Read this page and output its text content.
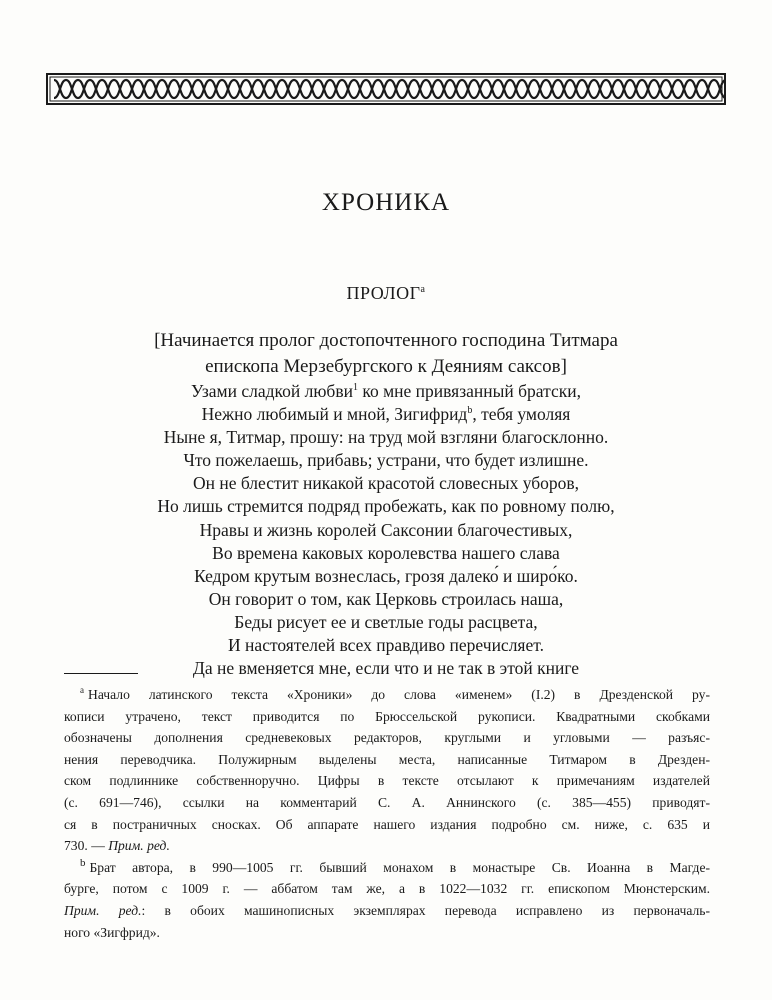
ХРОНИКА
ПРОЛОГ$^a$
[Начинается пролог достопочтенного господина Титмара
епископа Мерзебургского к Деяниям саксов]
Узами сладкой любви$^1$ ко мне привязанный братски,
Нежно любимый и мной, Зигифрид$^b$, тебя умоляя
Ныне я, Титмар, прошу: на труд мой взгляни благосклонно.
Что пожелаешь, прибавь; устрани, что будет излишне.
Он не блестит никакой красотой словесных уборов,
Но лишь стремится подряд пробежать, как по ровному полю,
Нравы и жизнь королей Саксонии благочестивых,
Во времена каковых королевства нашего слава
Кедром крутым вознеслась, грозя далеко́ и широ́ко.
Он говорит о том, как Церковь строилась наша,
Беды рисует ее и светлые годы расцвета,
И настоятелей всех правдиво перечисляет.
Да не вменяется мне, если что и не так в этой книге
$^a$ Начало латинского текста «Хроники» до слова «именем» (I.2) в Дрезденской ру-
кописи утрачено, текст приводится по Брюссельской рукописи. Квадратными скобками
обозначены дополнения средневековых редакторов, круглыми и угловыми — разъяс-
нения переводчика. Полужирным выделены места, написанные Титмаром в Дрезден-
ском подлиннике собственноручно. Цифры в тексте отсылают к примечаниям издателей
(с. 691—746), ссылки на комментарий С. А. Аннинского (с. 385—455) приводят-
ся в постраничных сносках. Об аппарате нашего издания подробно см. ниже, с. 635 и
730. — Прим. ред.
$^b$ Брат автора, в 990—1005 гг. бывший монахом в монастыре Св. Иоанна в Магде-
бурге, потом с 1009 г. — аббатом там же, а в 1022—1032 гг. епископом Мюнстерским.
Прим. ред.: в обоих машинописных экземплярах перевода исправлено из первоначаль-
ного «Зигфрид».
